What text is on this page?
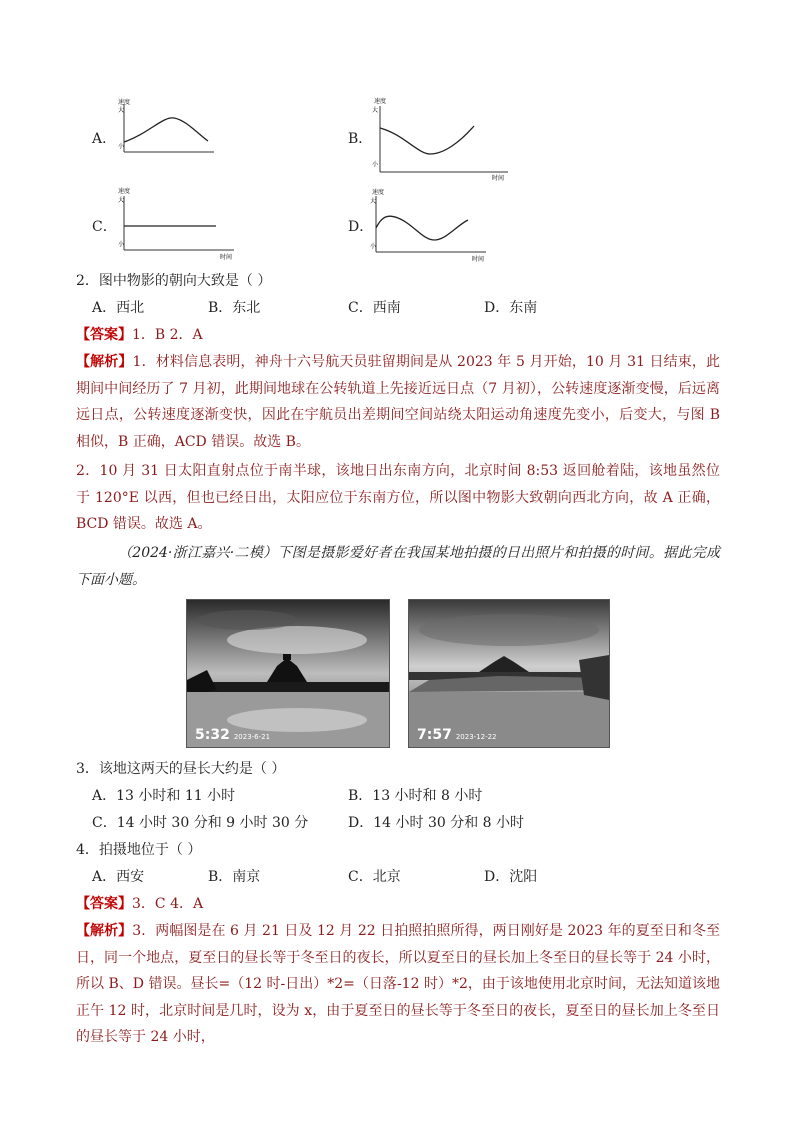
A．
速度
大
小	B．
速度
大
小
时间
C．
速度
大
小
时间
D．
速度
大
小
时间
2．图中物影的朝向大致是（ ）
A．西北	B．东北	C．西南	D．东南
【答案】1．B 2．A
【解析】1．材料信息表明，神舟十六号航天员驻留期间是从 2023 年 5 月开始，10 月 31 日结束，此期间中间经历了 7 月初，此期间地球在公转轨道上先接近远日点（7 月初），公转速度逐渐变慢，后远离远日点，公转速度逐渐变快，因此在宇航员出差期间空间站绕太阳运动角速度先变小，后变大，与图 B 相似，B 正确，ACD 错误。故选 B。
2．10 月 31 日太阳直射点位于南半球，该地日出东南方向，北京时间 8:53 返回舱着陆，该地虽然位于 120°E 以西，但也已经日出，太阳应位于东南方位，所以图中物影大致朝向西北方向，故 A 正确，BCD 错误。故选 A。
（2024·浙江嘉兴·二模）下图是摄影爱好者在我国某地拍摄的日出照片和拍摄的时间。据此完成下面小题。
5:32 2023-6-21	7:57 2023-12-22
3．该地这两天的昼长大约是（ ）
A．13 小时和 11 小时	B．13 小时和 8 小时
C．14 小时 30 分和 9 小时 30 分	D．14 小时 30 分和 8 小时
4．拍摄地位于（ ）
A．西安	B．南京	C．北京	D．沈阳
【答案】3．C 4．A
【解析】3．两幅图是在 6 月 21 日及 12 月 22 日拍照拍照所得，两日刚好是 2023 年的夏至日和冬至日，同一个地点，夏至日的昼长等于冬至日的夜长，所以夏至日的昼长加上冬至日的昼长等于 24 小时，所以 B、D 错误。昼长=（12 时-日出）*2=（日落-12 时）*2，由于该地使用北京时间，无法知道该地正午 12 时，北京时间是几时，设为 x，由于夏至日的昼长等于冬至日的夜长，夏至日的昼长加上冬至日的昼长等于 24 小时，
